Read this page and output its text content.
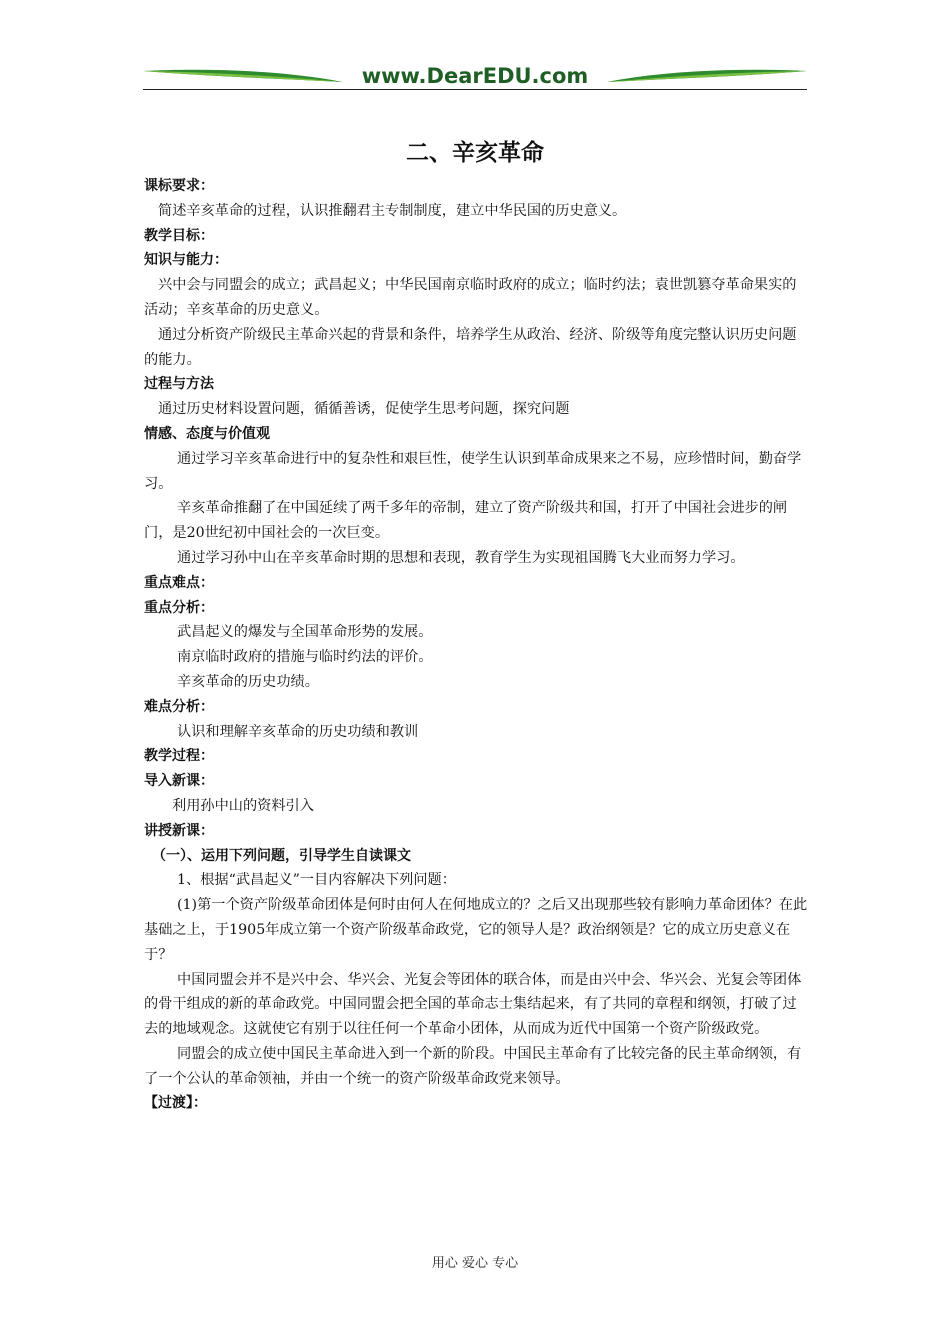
www.DearEDU.com
二、辛亥革命

课标要求：

简述辛亥革命的过程，认识推翻君主专制制度，建立中华民国的历史意义。

教学目标：

知识与能力：

兴中会与同盟会的成立；武昌起义；中华民国南京临时政府的成立；临时约法；袁世凯篡夺革命果实的活动；辛亥革命的历史意义。

通过分析资产阶级民主革命兴起的背景和条件，培养学生从政治、经济、阶级等角度完整认识历史问题的能力。

过程与方法

通过历史材料设置问题，循循善诱，促使学生思考问题，探究问题

情感、态度与价值观

通过学习辛亥革命进行中的复杂性和艰巨性，使学生认识到革命成果来之不易，应珍惜时间，勤奋学习。

辛亥革命推翻了在中国延续了两千多年的帝制，建立了资产阶级共和国，打开了中国社会进步的闸门，是20世纪初中国社会的一次巨变。

通过学习孙中山在辛亥革命时期的思想和表现，教育学生为实现祖国腾飞大业而努力学习。

重点难点：

重点分析：

武昌起义的爆发与全国革命形势的发展。

南京临时政府的措施与临时约法的评价。

辛亥革命的历史功绩。

难点分析：

认识和理解辛亥革命的历史功绩和教训

教学过程：

导入新课：

利用孙中山的资料引入

讲授新课：

（一）、运用下列问题，引导学生自读课文

1、根据“武昌起义”一目内容解决下列问题：

(1)第一个资产阶级革命团体是何时由何人在何地成立的？之后又出现那些较有影响力革命团体？在此基础之上，于1905年成立第一个资产阶级革命政党，它的领导人是？政治纲领是？它的成立历史意义在于？

中国同盟会并不是兴中会、华兴会、光复会等团体的联合体，而是由兴中会、华兴会、光复会等团体的骨干组成的新的革命政党。中国同盟会把全国的革命志士集结起来，有了共同的章程和纲领，打破了过去的地域观念。这就使它有别于以往任何一个革命小团体，从而成为近代中国第一个资产阶级政党。

同盟会的成立使中国民主革命进入到一个新的阶段。中国民主革命有了比较完备的民主革命纲领，有了一个公认的革命领袖，并由一个统一的资产阶级革命政党来领导。

【过渡】：

用心 爱心 专心
